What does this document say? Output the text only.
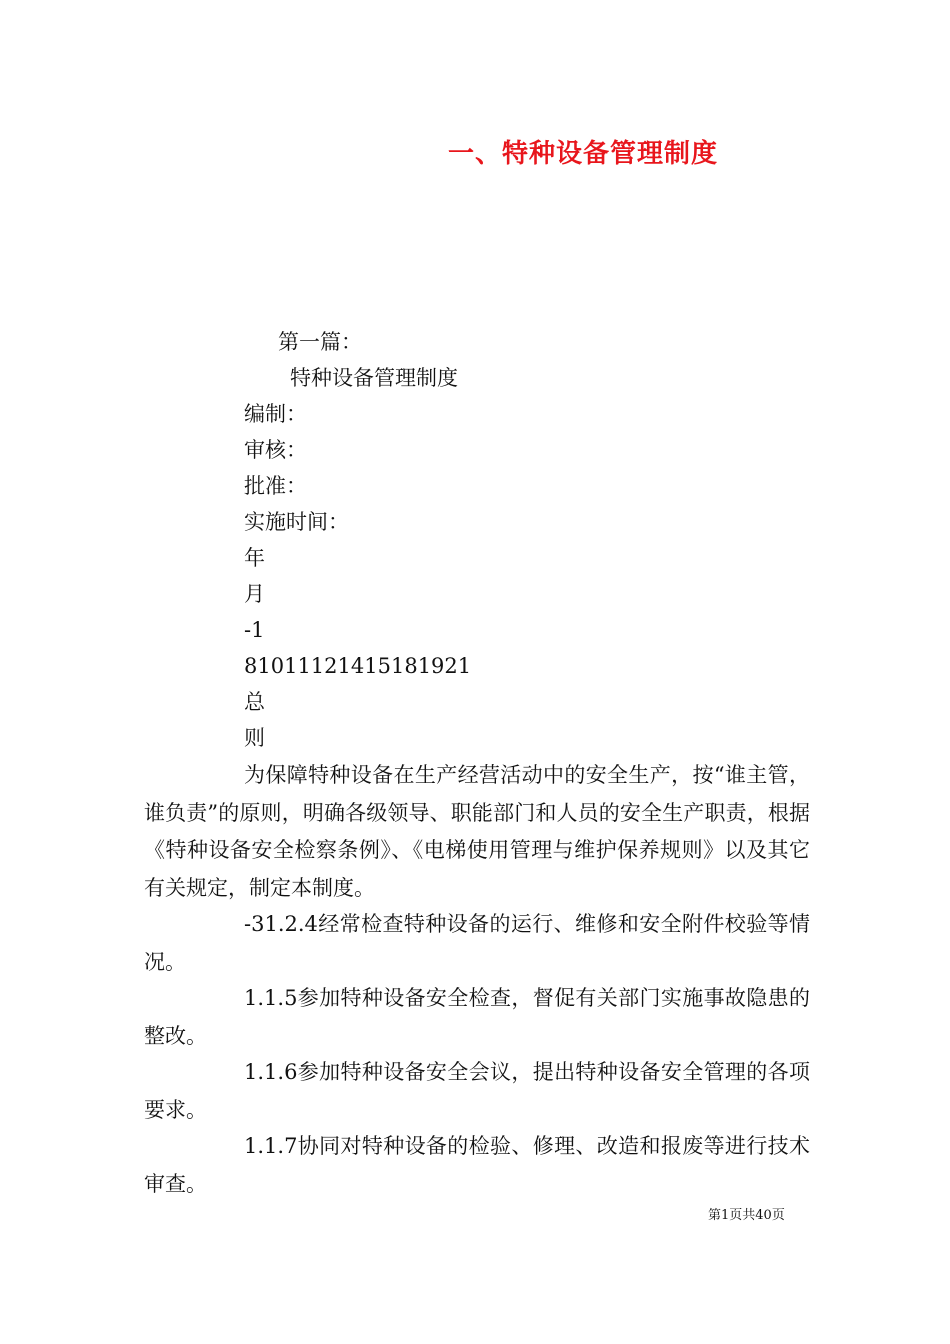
一、特种设备管理制度
第一篇：
特种设备管理制度
编制：
审核：
批准：
实施时间：
年
月
-1
81011121415181921
总
则
为保障特种设备在生产经营活动中的安全生产，按“谁主管，谁负责”的原则，明确各级领导、职能部门和人员的安全生产职责，根据《特种设备安全检察条例》、《电梯使用管理与维护保养规则》以及其它有关规定，制定本制度。
-31.2.4经常检查特种设备的运行、维修和安全附件校验等情况。
1.1.5参加特种设备安全检查，督促有关部门实施事故隐患的整改。
1.1.6参加特种设备安全会议，提出特种设备安全管理的各项要求。
1.1.7协同对特种设备的检验、修理、改造和报废等进行技术审查。
第1页共40页
